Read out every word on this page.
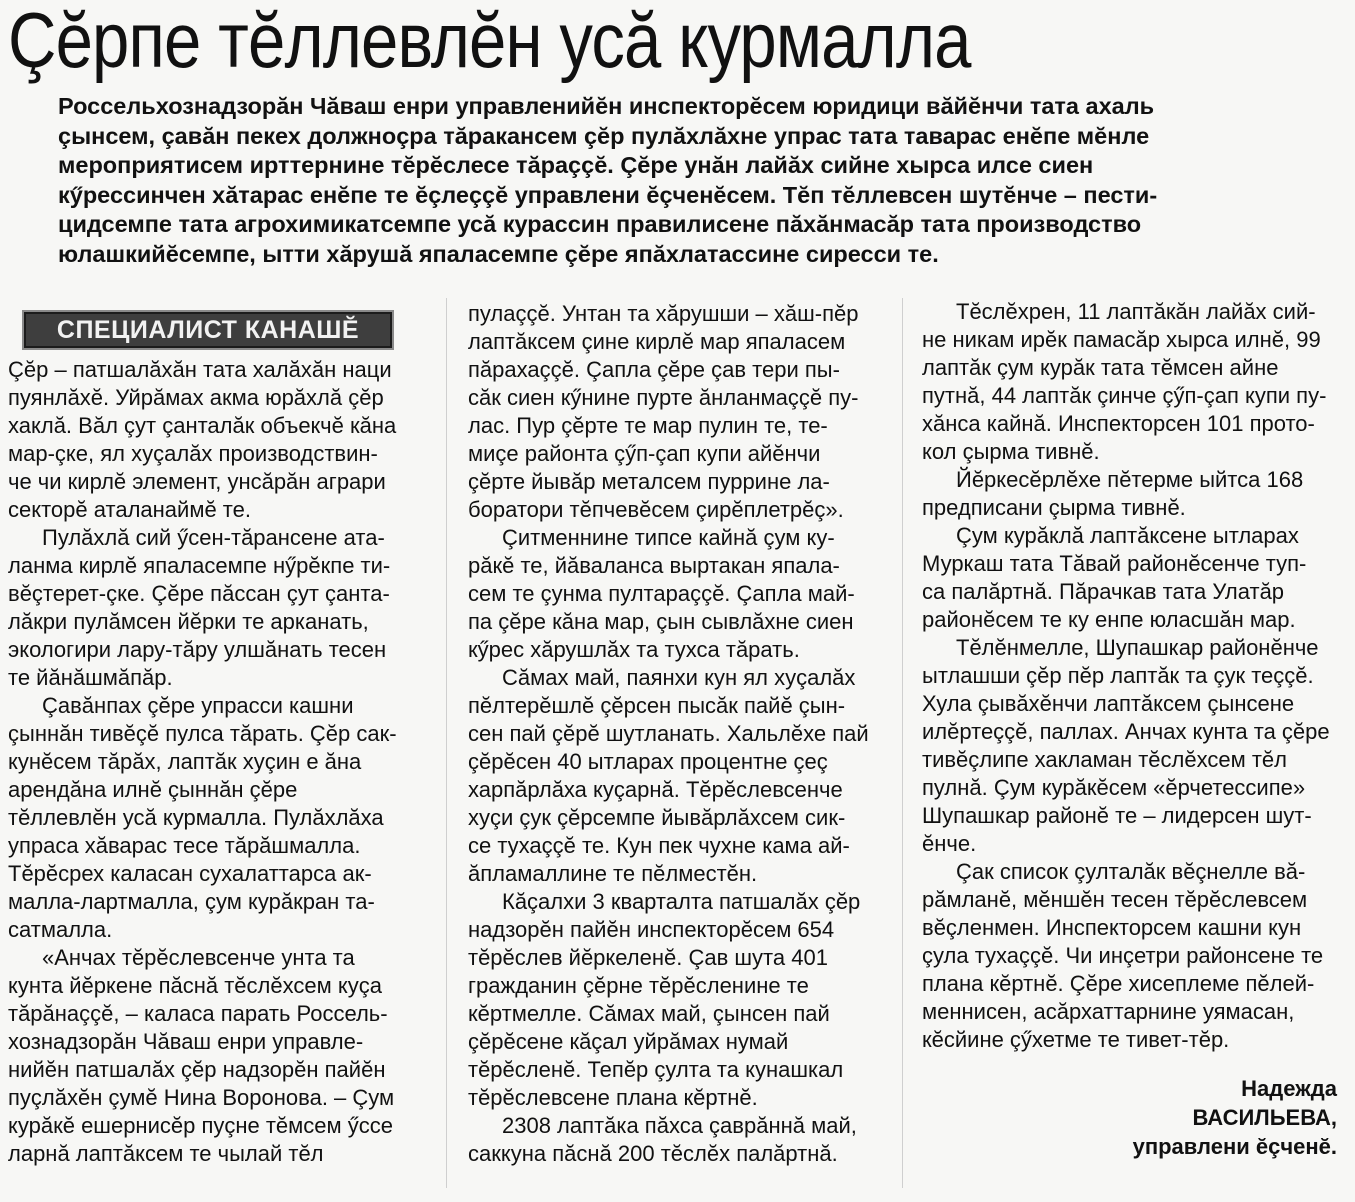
Çĕрпе тĕллевлĕн усă курмалла
Россельхознадзорăн Чăваш енри управленийĕн инспекторĕсем юридици вăйĕнчи тата ахаль
çынсем, çавăн пекех должноçра тăракансем çĕр пулăхлăхне упрас тата таварас енĕпе мĕнле
мероприятисем ирттернине тĕрĕслесе тăраççĕ. Çĕре унăн лайăх сийне хырса илсе сиен
кӳрессинчен хăтарас енĕпе те ĕçлеççĕ управлени ĕçченĕсем. Тĕп тĕллевсен шутĕнче – пести-
цидсемпе тата агрохимикатсемпе усă курассин правилисене пăхăнмасăр тата производство
юлашкийĕсемпе, ытти хăрушă япаласемпе çĕре япăхлатассине сиресси те.
СПЕЦИАЛИСТ КАНАШĔ
Çĕр – патшалăхăн тата халăхăн наци
пуянлăхĕ. Уйрăмах акма юрăхлă çĕр
хаклă. Вăл çут çанталăк объекчĕ кăна
мар-çке, ял хуçалăх производствин-
че чи кирлĕ элемент, унсăрăн аграри
секторĕ аталанаймĕ те.
Пулăхлă сий ӳсен-тăрансене ата-
ланма кирлĕ япаласемпе нӳрĕкпе ти-
вĕçтерет-çке. Çĕре пăссан çут çанта-
лăкри пулăмсен йĕрки те арканать,
экологири лару-тăру улшăнать тесен
те йăнăшмăпăр.
Çавăнпах çĕре упрасси кашни
çыннăн тивĕçĕ пулса тăрать. Çĕр сак-
кунĕсем тăрăх, лаптăк хуçин е ăна
арендăна илнĕ çыннăн çĕре
тĕллевлĕн усă курмалла. Пулăхлăха
упраса хăварас тесе тăрăшмалла.
Тĕрĕсрех каласан сухалаттарса ак-
малла-лартмалла, çум курăкран та-
сатмалла.
«Анчах тĕрĕслевсенче унта та
кунта йĕркене пăснă тĕслĕхсем куçа
тăрăнаççĕ, – каласа парать Россель-
хознадзорăн Чăваш енри управле-
нийĕн патшалăх çĕр надзорĕн пайĕн
пуçлăхĕн çумĕ Нина Воронова. – Çум
курăкĕ ешернисĕр пуçне тĕмсем ӳссе
ларнă лаптăксем те чылай тĕл
пулаççĕ. Унтан та хăрушши – хăш-пĕр
лаптăксем çине кирлĕ мар япаласем
пăрахаççĕ. Çапла çĕре çав тери пы-
сăк сиен кӳнине пурте ăнланмаççĕ пу-
лас. Пур çĕрте те мар пулин те, те-
миçе районта çӳп-çап купи айĕнчи
çĕрте йывăр металсем пуррине ла-
боратори тĕпчевĕсем çирĕплетрĕç».
Çитменнине типсе кайнă çум ку-
рăкĕ те, йăваланса выртакан япала-
сем те çунма пултараççĕ. Çапла май-
па çĕре кăна мар, çын сывлăхне сиен
кӳрес хăрушлăх та тухса тăрать.
Сăмах май, паянхи кун ял хуçалăх
пĕлтерĕшлĕ çĕрсен пысăк пайĕ çын-
сен пай çĕрĕ шутланать. Хальлĕхе пай
çĕрĕсен 40 ытларах процентне çеç
харпăрлăха куçарнă. Тĕрĕслевсенче
хуçи çук çĕрсемпе йывăрлăхсем сик-
се тухаççĕ те. Кун пек чухне кама ай-
ăпламаллине те пĕлместĕн.
Кăçалхи 3 кварталта патшалăх çĕр
надзорĕн пайĕн инспекторĕсем 654
тĕрĕслев йĕркеленĕ. Çав шута 401
гражданин çĕрне тĕрĕсленине те
кĕртмелле. Сăмах май, çынсен пай
çĕрĕсене кăçал уйрăмах нумай
тĕрĕсленĕ. Тепĕр çулта та кунашкал
тĕрĕслевсене плана кĕртнĕ.
2308 лаптăка пăхса çаврăннă май,
саккуна пăснă 200 тĕслĕх палăртнă.
Тĕслĕхрен, 11 лаптăкăн лайăх сий-
не никам ирĕк памасăр хырса илнĕ, 99
лаптăк çум курăк тата тĕмсен айне
путнă, 44 лаптăк çинче çӳп-çап купи пу-
хăнса кайнă. Инспекторсен 101 прото-
кол çырма тивнĕ.
Йĕркесĕрлĕхе пĕтерме ыйтса 168
предписани çырма тивнĕ.
Çум курăклă лаптăксене ытларах
Муркаш тата Тăвай районĕсенче туп-
са палăртнă. Пăрачкав тата Улатăр
районĕсем те ку енпе юласшăн мар.
Тĕлĕнмелле, Шупашкар районĕнче
ытлашши çĕр пĕр лаптăк та çук теççĕ.
Хула çывăхĕнчи лаптăксем çынсене
илĕртеççĕ, паллах. Анчах кунта та çĕре
тивĕçлипе хакламан тĕслĕхсем тĕл
пулнă. Çум курăкĕсем «ĕрчетессипе»
Шупашкар районĕ те – лидерсен шут-
ĕнче.
Çак список çулталăк вĕçнелле вă-
рăмланĕ, мĕншĕн тесен тĕрĕслевсем
вĕçленмен. Инспекторсем кашни кун
çула тухаççĕ. Чи инçетри районсене те
плана кĕртнĕ. Çĕре хисеплеме пĕлей-
меннисен, асăрхаттарнине уямасан,
кĕсйине çӳхетме те тивет-тĕр.
Надежда
ВАСИЛЬЕВА,
управлени ĕçченĕ.
